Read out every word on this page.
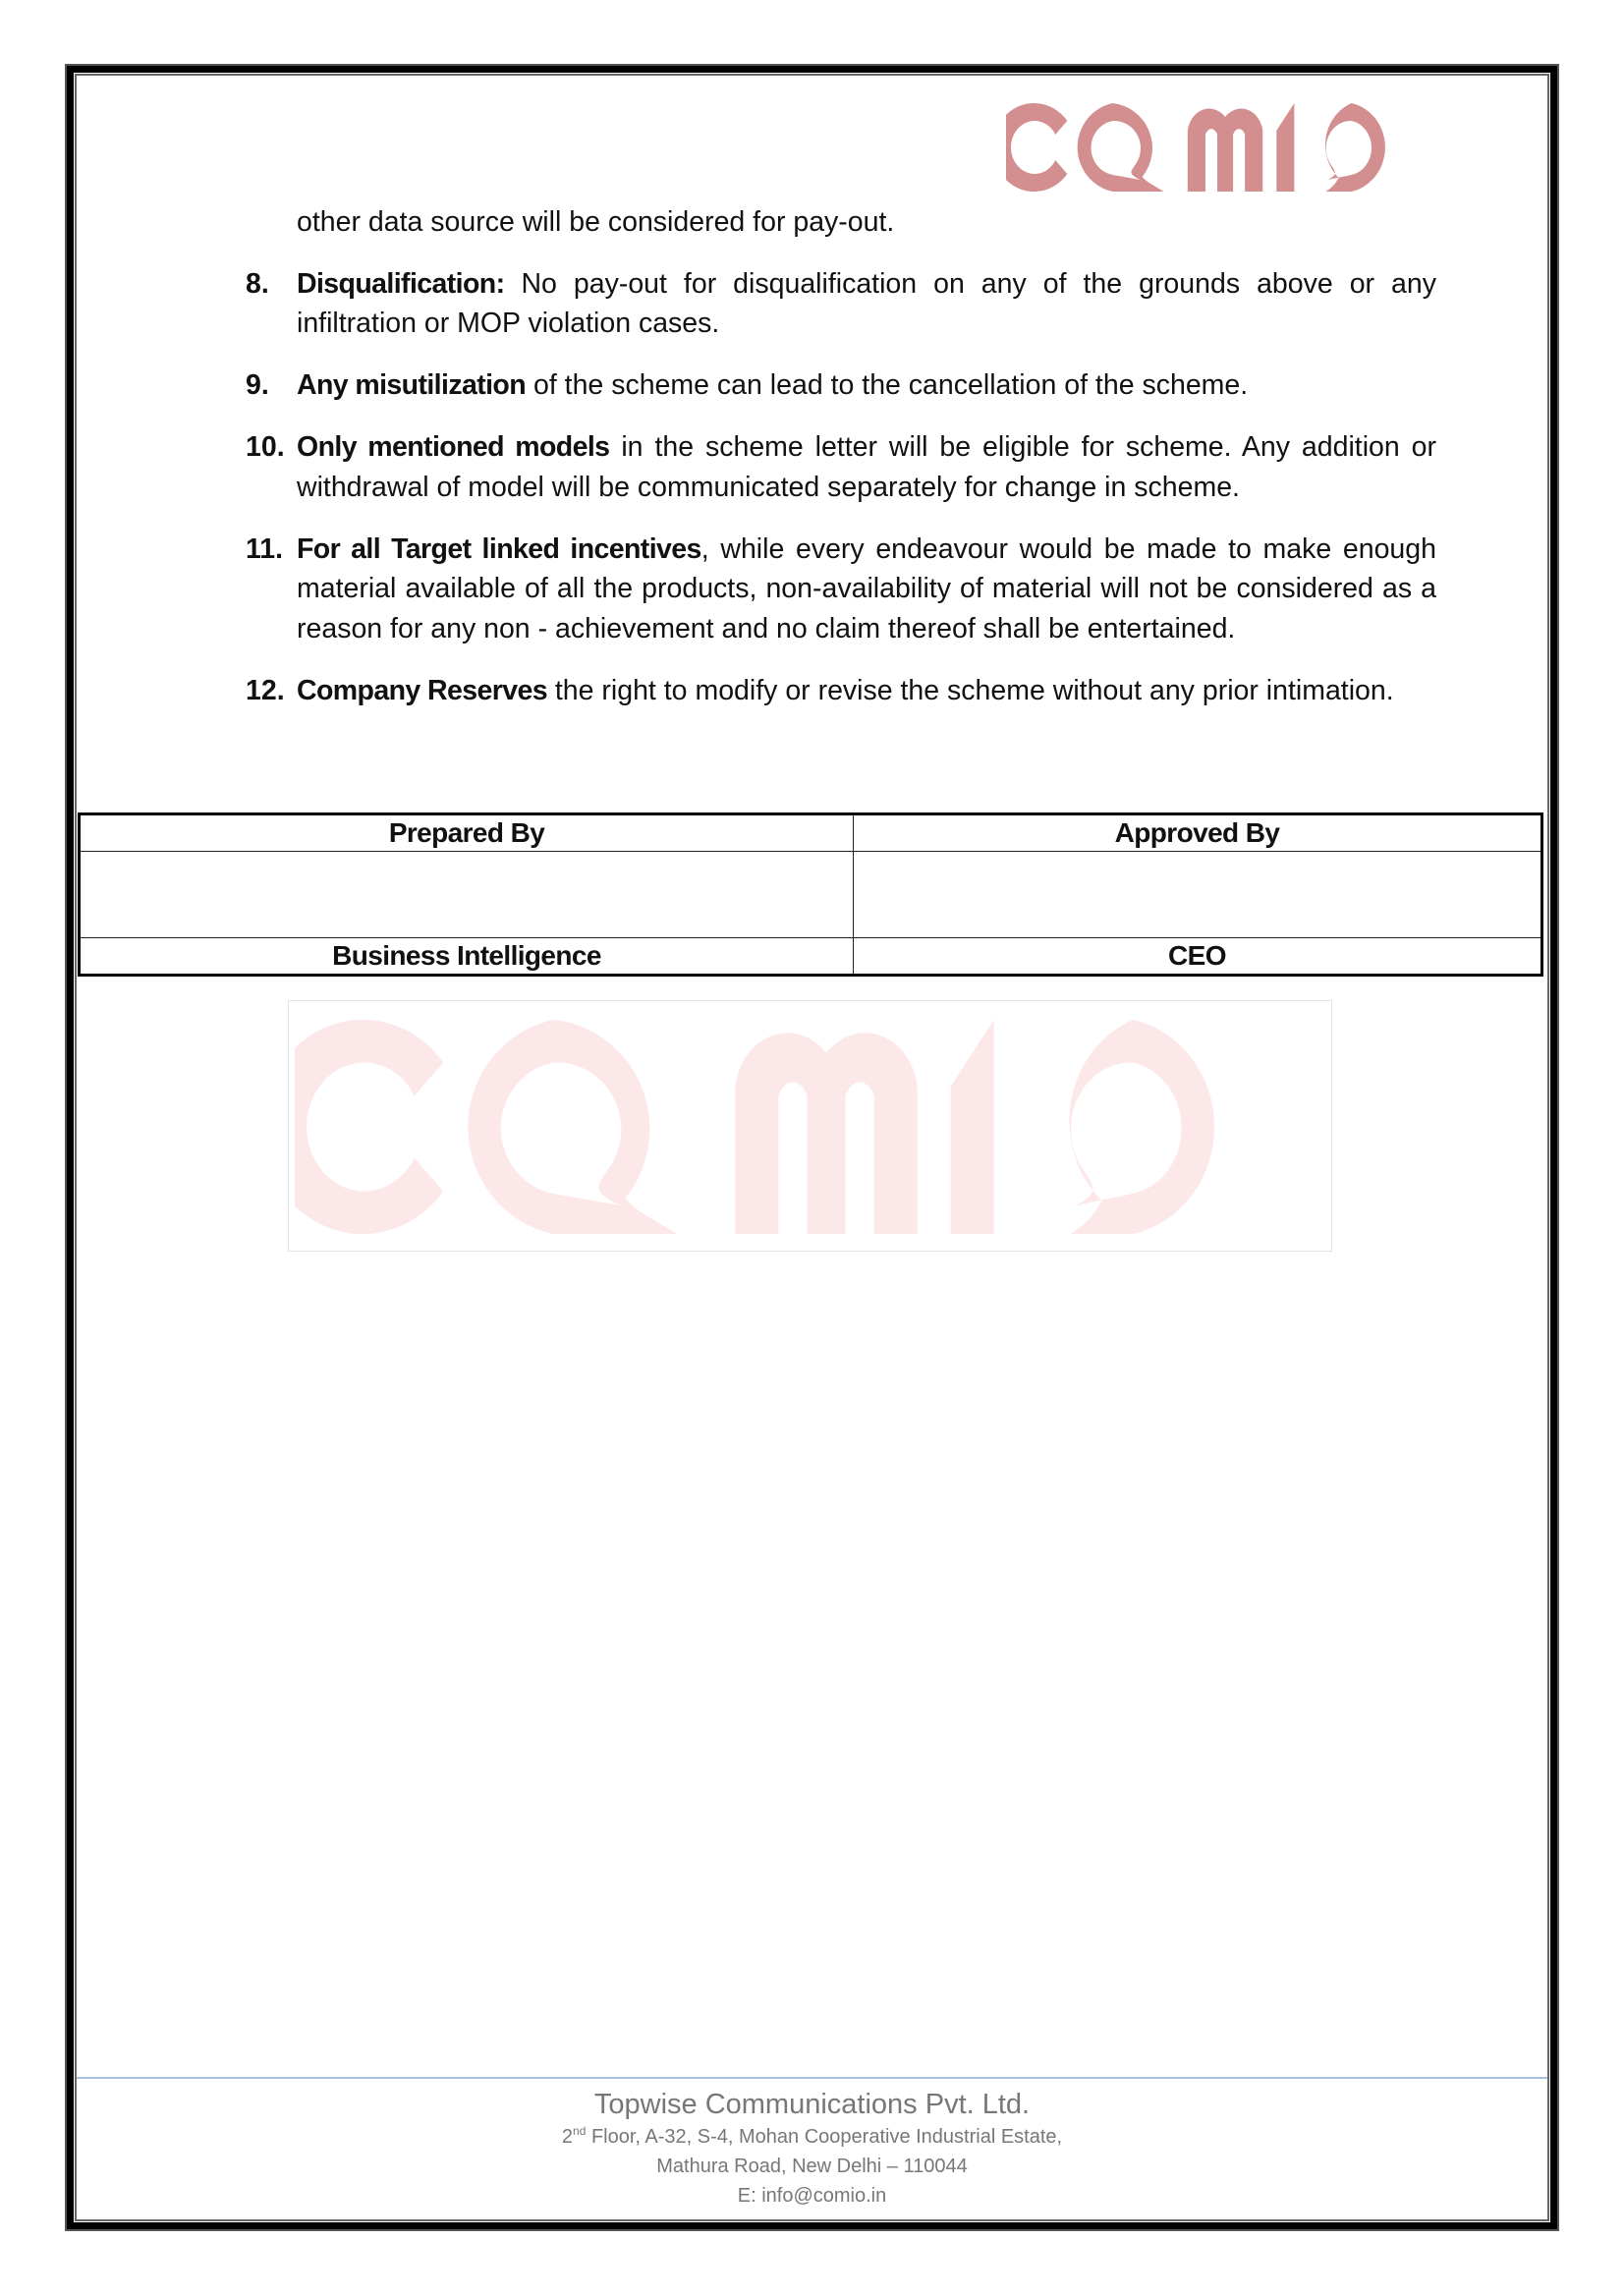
other data source will be considered for pay-out.

8. Disqualification: No pay-out for disqualification on any of the grounds above or any infiltration or MOP violation cases.
9. Any misutilization of the scheme can lead to the cancellation of the scheme.
10. Only mentioned models in the scheme letter will be eligible for scheme. Any addition or withdrawal of model will be communicated separately for change in scheme.
11. For all Target linked incentives, while every endeavour would be made to make enough material available of all the products, non-availability of material will not be considered as a reason for any non - achievement and no claim thereof shall be entertained.
12. Company Reserves the right to modify or revise the scheme without any prior intimation.
Prepared By	Approved By

Business Intelligence	CEO
Topwise Communications Pvt. Ltd.
2nd Floor, A-32, S-4, Mohan Cooperative Industrial Estate,
Mathura Road, New Delhi – 110044
E: info@comio.in
